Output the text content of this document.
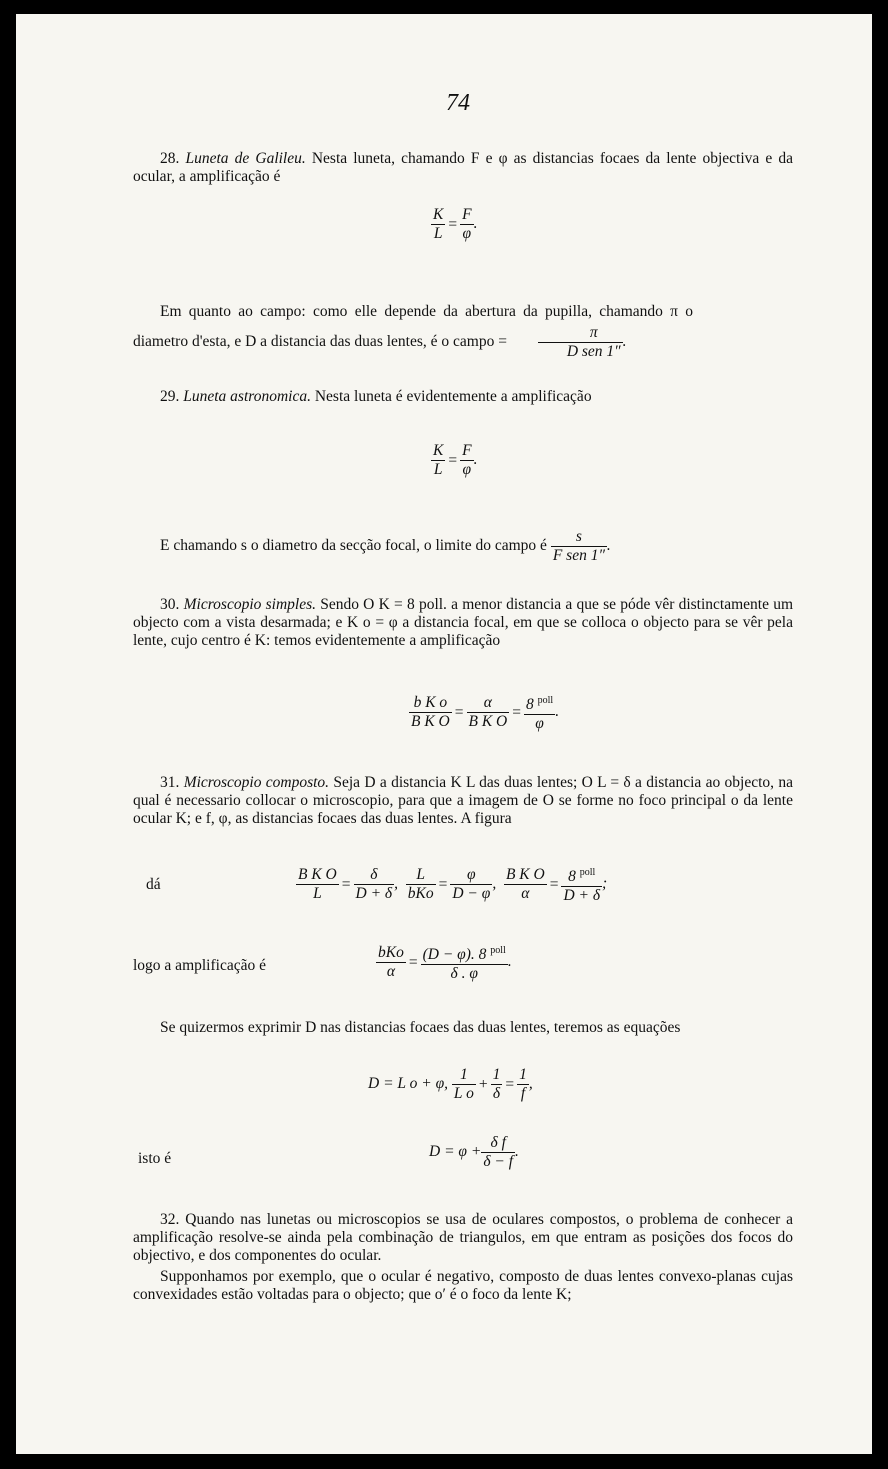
74
28. Luneta de Galileu. Nesta luneta, chamando F e φ as distancias focaes da lente objectiva e da ocular, a amplificação é
$\frac{K}{L} = \frac{F}{\varphi}$ .
Em quanto ao campo: como elle depende da abertura da pupilla, chamando π o diametro d'esta, e D a distancia das duas lentes, é o campo = $\frac{\pi}{\text{D sen 1″}}$ .
29. Luneta astronomica. Nesta luneta é evidentemente a amplificação
$\frac{K}{L} = \frac{F}{\varphi}$ .
E chamando s o diametro da secção focal, o limite do campo é $\frac{s}{\text{F sen 1″}}$ .
30. Microscopio simples. Sendo O K = 8 poll. a menor distancia a que se póde vêr distinctamente um objecto com a vista desarmada; e K o = φ a distancia focal, em que se colloca o objecto para se vêr pela lente, cujo centro é K: temos evidentemente a amplificação
$\frac{\text{b K o}}{\text{B K O}} = \frac{\alpha}{\text{B K O}} = \frac{8 ^{poll}}{\varphi}$ .
31. Microscopio composto. Seja D a distancia K L das duas lentes; O L = δ a distancia ao objecto, na qual é necessario collocar o microscopio, para que a imagem de O se forme no foco principal o da lente ocular K; e f, φ, as distancias focaes das duas lentes. A figura
dá	$\frac{\text{B K O}}{L} = \frac{\delta}{D + \delta}$ , $\frac{L}{\text{bKo}} = \frac{\varphi}{D - \varphi}$ , $\frac{\text{B K O}}{\alpha} = \frac{8 ^{poll}}{D + \delta}$ ;
logo a amplificação é	$\frac{\text{bKo}}{\alpha} = \frac{(D - \varphi). 8 ^{poll}}{\delta . \varphi}$ .
Se quizermos exprimir D nas distancias focaes das duas lentes, teremos as equações
D = L o + φ, $\frac{1}{\text{L o}} + \frac{1}{\delta} = \frac{1}{f}$ ,
isto é	$D = \varphi + \frac{\text{δ f}}{\delta - f}$ .
32. Quando nas lunetas ou microscopios se usa de oculares compostos, o problema de conhecer a amplificação resolve-se ainda pela combinação de triangulos, em que entram as posições dos focos do objectivo, e dos componentes do ocular.
Supponhamos por exemplo, que o ocular é negativo, composto de duas lentes convexo-planas cujas convexidades estão voltadas para o objecto; que o′ é o foco da lente K;
